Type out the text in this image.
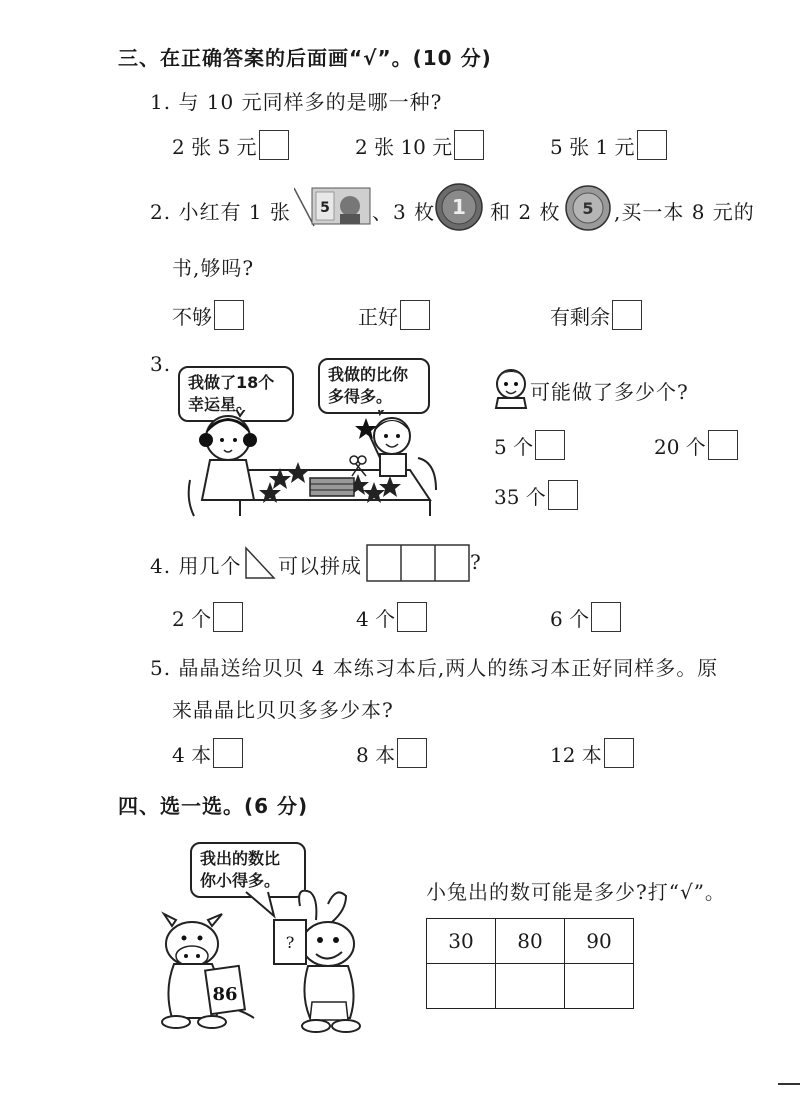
三、在正确答案的后面画“√”。(10 分)
1. 与 10 元同样多的是哪一种?
2 张 5 元	2 张 10 元	5 张 1 元
2. 小红有 1 张 5 、3 枚 1 和 2 枚 5 ,买一本 8 元的
书,够吗?
不够	正好	有剩余
3.
我做了18个
幸运星。
我做的比你
多得多。	可能做了多少个?
5 个	20 个
35 个
4. 用几个 可以拼成	?
2 个	4 个	6 个
5. 晶晶送给贝贝 4 本练习本后,两人的练习本正好同样多。原
来晶晶比贝贝多多少本?
4 本	8 本	12 本
四、选一选。(6 分)
我出的数比
你小得多。
86
?
小兔出的数可能是多少?打“√”。
30	80	90
